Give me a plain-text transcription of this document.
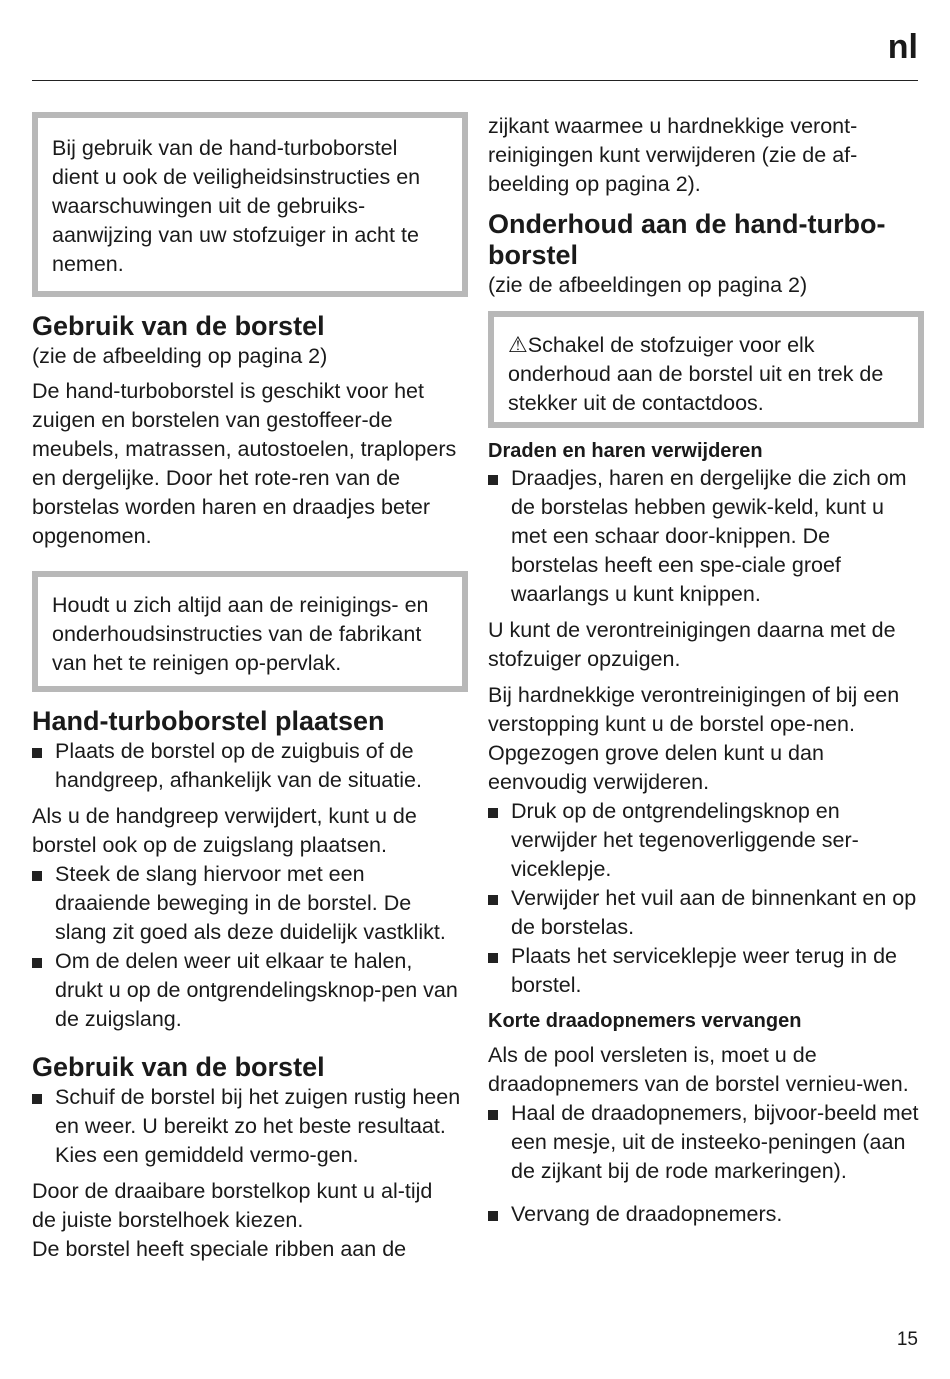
nl
Bij gebruik van de hand-turboborstel dient u ook de veiligheidsinstructies en waarschuwingen uit de gebruiks-aanwijzing van uw stofzuiger in acht te nemen.

Gebruik van de borstel

(zie de afbeelding op pagina 2)

De hand-turboborstel is geschikt voor het zuigen en borstelen van gestoffeer-de meubels, matrassen, autostoelen, traplopers en dergelijke. Door het rote-ren van de borstelas worden haren en draadjes beter opgenomen.

Houdt u zich altijd aan de reinigings- en onderhoudsinstructies van de fabrikant van het te reinigen op-pervlak.

Hand-turboborstel plaatsen

Plaats de borstel op de zuigbuis of de handgreep, afhankelijk van de situatie.

Als u de handgreep verwijdert, kunt u de borstel ook op de zuigslang plaatsen.

Steek de slang hiervoor met een draaiende beweging in de borstel. De slang zit goed als deze duidelijk vastklikt.

Om de delen weer uit elkaar te halen, drukt u op de ontgrendelingsknop-pen van de zuigslang.

Gebruik van de borstel

Schuif de borstel bij het zuigen rustig heen en weer. U bereikt zo het beste resultaat. Kies een gemiddeld vermo-gen.

Door de draaibare borstelkop kunt u al-tijd de juiste borstelhoek kiezen.

De borstel heeft speciale ribben aan de

zijkant waarmee u hardnekkige veront-reinigingen kunt verwijderen (zie de af-beelding op pagina 2).

Onderhoud aan de hand-turbo-borstel

(zie de afbeeldingen op pagina 2)

⚠Schakel de stofzuiger voor elk onderhoud aan de borstel uit en trek de stekker uit de contactdoos.

Draden en haren verwijderen

Draadjes, haren en dergelijke die zich om de borstelas hebben gewik-keld, kunt u met een schaar door-knippen. De borstelas heeft een spe-ciale groef waarlangs u kunt knippen.

U kunt de verontreinigingen daarna met de stofzuiger opzuigen.

Bij hardnekkige verontreinigingen of bij een verstopping kunt u de borstel ope-nen. Opgezogen grove delen kunt u dan eenvoudig verwijderen.

Druk op de ontgrendelingsknop en verwijder het tegenoverliggende ser-viceklepje.

Verwijder het vuil aan de binnenkant en op de borstelas.

Plaats het serviceklepje weer terug in de borstel.

Korte draadopnemers vervangen

Als de pool versleten is, moet u de draadopnemers van de borstel vernieu-wen.

Haal de draadopnemers, bijvoor-beeld met een mesje, uit de insteeko-peningen (aan de zijkant bij de rode markeringen).

Vervang de draadopnemers.

15
